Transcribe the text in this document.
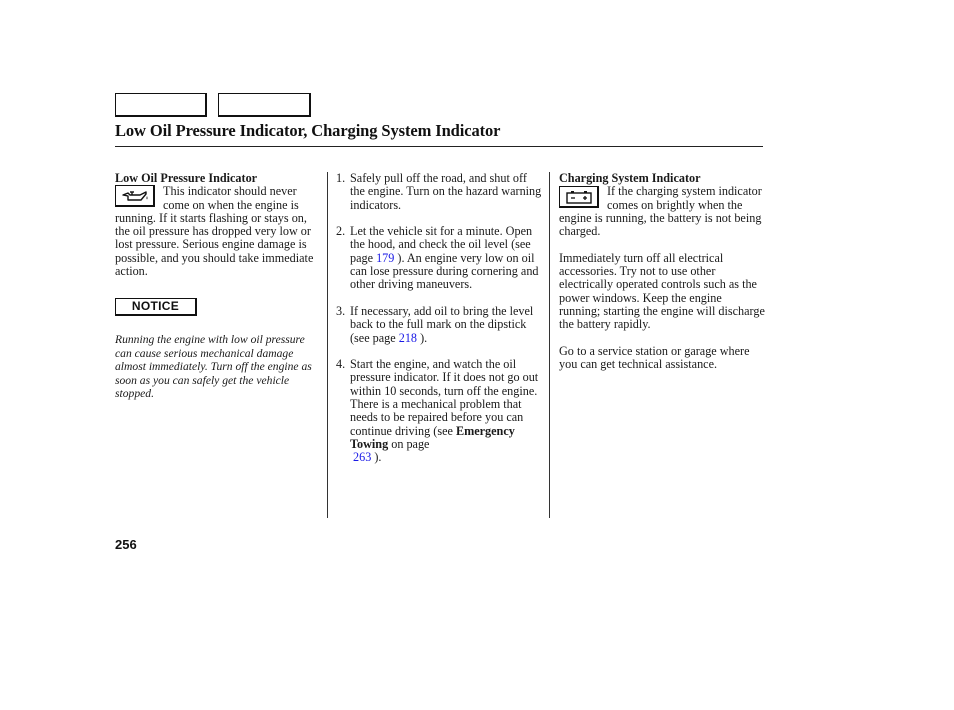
Low Oil Pressure Indicator, Charging System Indicator
Low Oil Pressure Indicator

This indicator should never come on when the engine is running. If it starts flashing or stays on, the oil pressure has dropped very low or lost pressure. Serious engine damage is possible, and you should take immediate action.

NOTICE

Running the engine with low oil pressure can cause serious mechanical damage almost immediately. Turn off the engine as soon as you can safely get the vehicle stopped.

1. Safely pull off the road, and shut off the engine. Turn on the hazard warning indicators.
2. Let the vehicle sit for a minute. Open the hood, and check the oil level (see page 179 ). An engine very low on oil can lose pressure during cornering and other driving maneuvers.
3. If necessary, add oil to bring the level back to the full mark on the dipstick (see page 218 ).
4. Start the engine, and watch the oil pressure indicator. If it does not go out within 10 seconds, turn off the engine. There is a mechanical problem that needs to be repaired before you can continue driving (see Emergency Towing on page
263 ).
Charging System Indicator

If the charging system indicator comes on brightly when the engine is running, the battery is not being charged.

Immediately turn off all electrical accessories. Try not to use other electrically operated controls such as the power windows. Keep the engine running; starting the engine will discharge the battery rapidly.

Go to a service station or garage where you can get technical assistance.

256
